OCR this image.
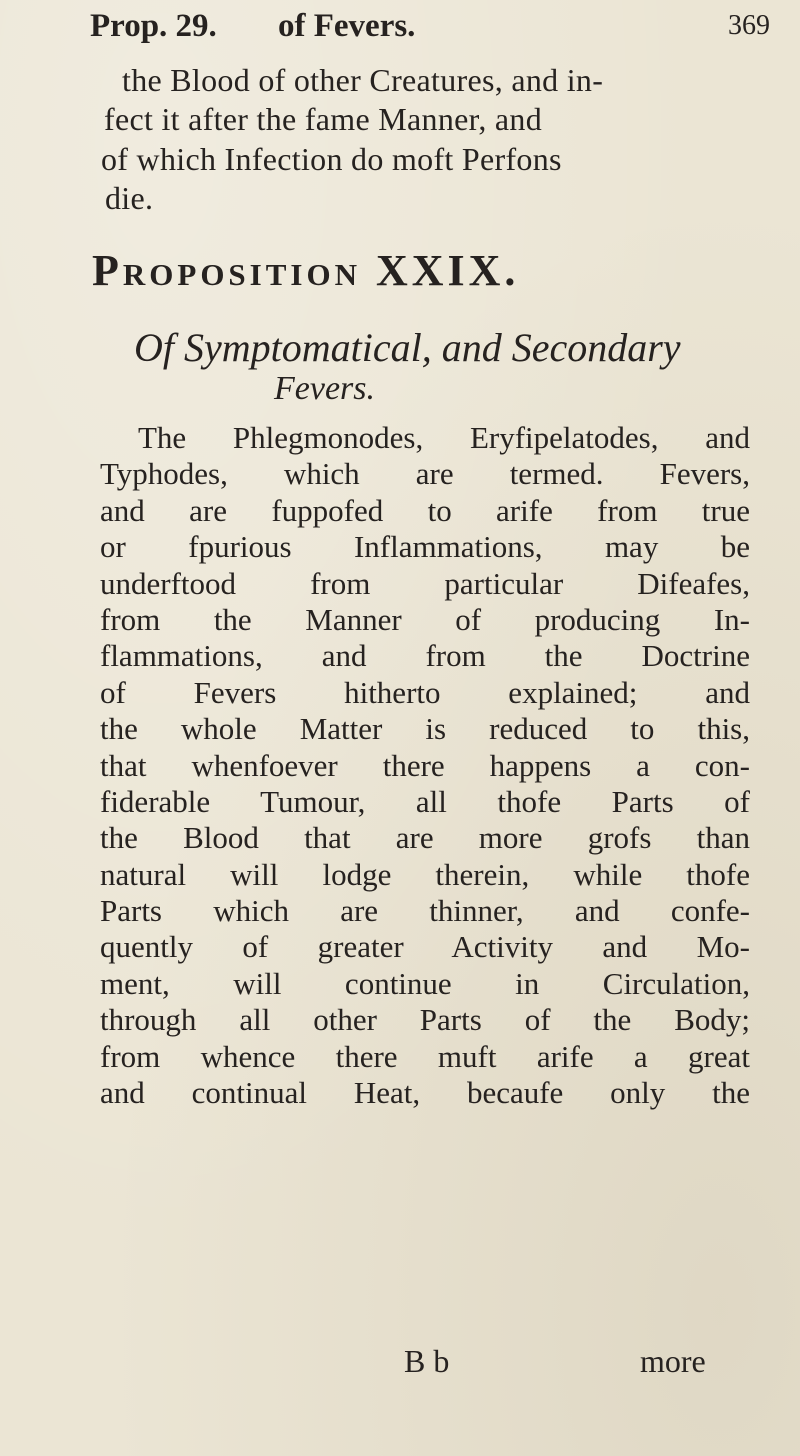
Prop. 29. of Fevers.	369
the Blood of other Creatures, and in-
fect it after the fame Manner, and
of which Infection do moft Perfons
die.
Proposition XXIX.
Of Symptomatical, and Secondary
Fevers.
The Phlegmonodes, Eryfipelatodes, and
Typhodes, which are termed. Fevers,
and are fuppofed to arife from true
or fpurious Inflammations, may be
underftood from particular Difeafes,
from the Manner of producing In-
flammations, and from the Doctrine
of Fevers hitherto explained; and
the whole Matter is reduced to this,
that whenfoever there happens a con-
fiderable Tumour, all thofe Parts of
the Blood that are more grofs than
natural will lodge therein, while thofe
Parts which are thinner, and confe-
quently of greater Activity and Mo-
ment, will continue in Circulation,
through all other Parts of the Body;
from whence there muft arife a great
and continual Heat, becaufe only the
B b	more
